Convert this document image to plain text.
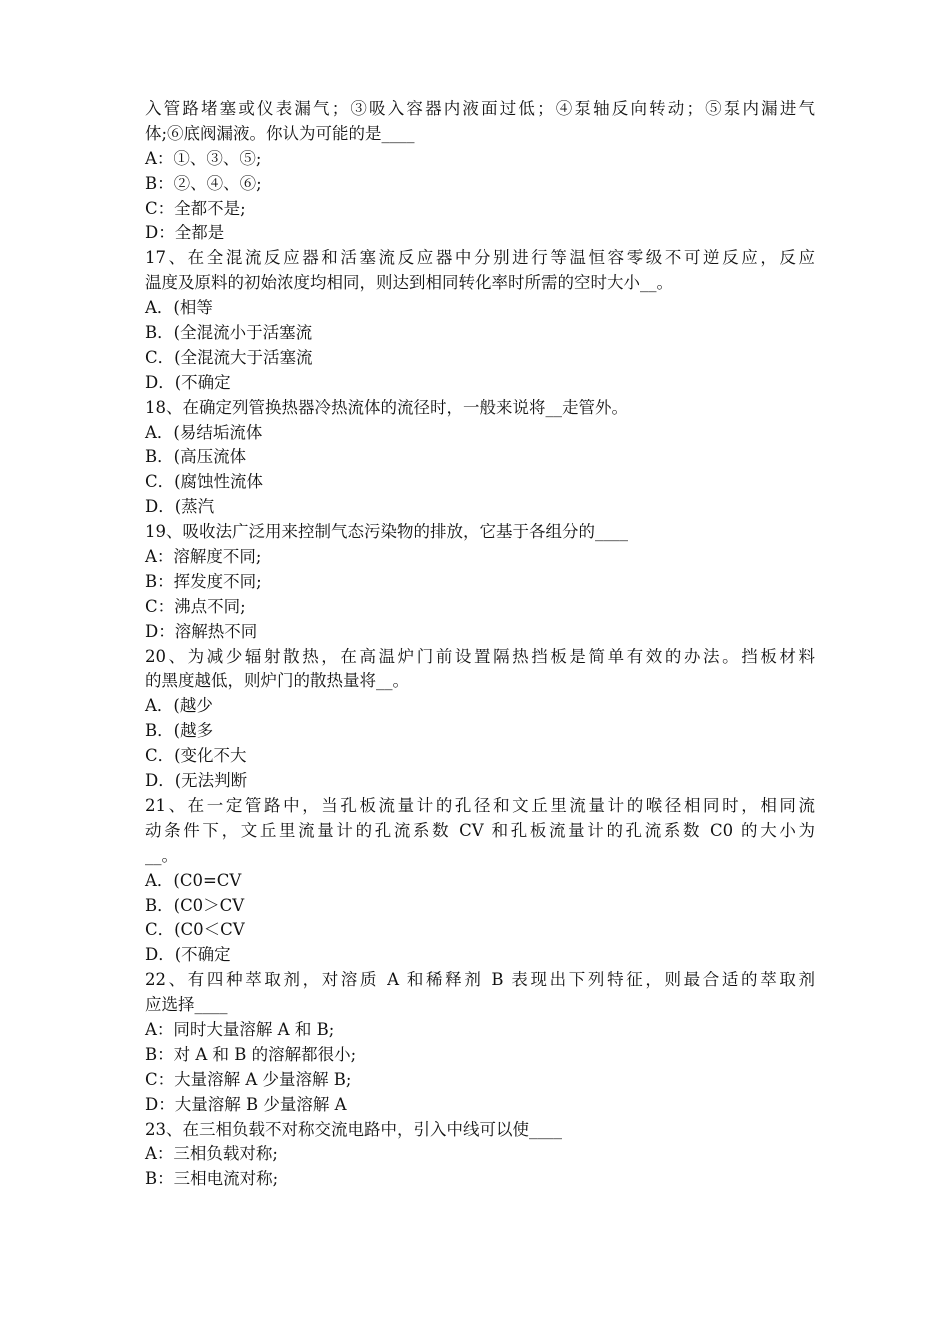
入管路堵塞或仪表漏气；③吸入容器内液面过低；④泵轴反向转动；⑤泵内漏进气
体;⑥底阀漏液。你认为可能的是____
A：①、③、⑤;
B：②、④、⑥;
C：全都不是;
D：全都是
17、在全混流反应器和活塞流反应器中分别进行等温恒容零级不可逆反应，反应
温度及原料的初始浓度均相同，则达到相同转化率时所需的空时大小__。
A．(相等
B．(全混流小于活塞流
C．(全混流大于活塞流
D．(不确定
18、在确定列管换热器冷热流体的流径时，一般来说将__走管外。
A．(易结垢流体
B．(高压流体
C．(腐蚀性流体
D．(蒸汽
19、吸收法广泛用来控制气态污染物的排放，它基于各组分的____
A：溶解度不同;
B：挥发度不同;
C：沸点不同;
D：溶解热不同
20、为减少辐射散热，在高温炉门前设置隔热挡板是简单有效的办法。挡板材料
的黑度越低，则炉门的散热量将__。
A．(越少
B．(越多
C．(变化不大
D．(无法判断
21、在一定管路中，当孔板流量计的孔径和文丘里流量计的喉径相同时，相同流
动条件下，文丘里流量计的孔流系数 CV 和孔板流量计的孔流系数 C0 的大小为
__。
A．(C0=CV
B．(C0＞CV
C．(C0＜CV
D．(不确定
22、有四种萃取剂，对溶质 A 和稀释剂 B 表现出下列特征，则最合适的萃取剂
应选择____
A：同时大量溶解 A 和 B;
B：对 A 和 B 的溶解都很小;
C：大量溶解 A 少量溶解 B;
D：大量溶解 B 少量溶解 A
23、在三相负载不对称交流电路中，引入中线可以使____
A：三相负载对称;
B：三相电流对称;
